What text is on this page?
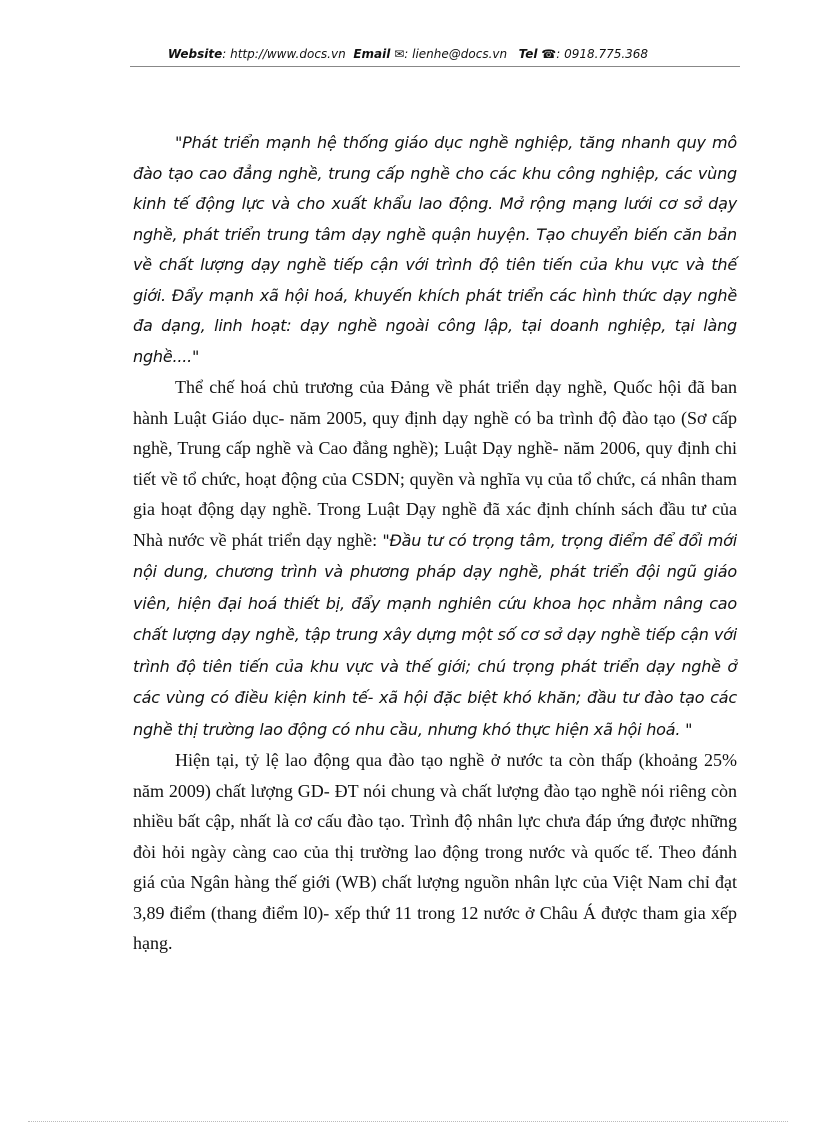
Website: http://www.docs.vn Email ✉: lienhe@docs.vn Tel ☎: 0918.775.368

"Phát triển mạnh hệ thống giáo dục nghề nghiệp, tăng nhanh quy mô đào tạo cao đẳng nghề, trung cấp nghề cho các khu công nghiệp, các vùng kinh tế động lực và cho xuất khẩu lao động. Mở rộng mạng lưới cơ sở dạy nghề, phát triển trung tâm dạy nghề quận huyện. Tạo chuyển biến căn bản về chất lượng dạy nghề tiếp cận với trình độ tiên tiến của khu vực và thế giới. Đẩy mạnh xã hội hoá, khuyến khích phát triển các hình thức dạy nghề đa dạng, linh hoạt: dạy nghề ngoài công lập, tại doanh nghiệp, tại làng nghề...."

Thể chế hoá chủ trương của Đảng về phát triển dạy nghề, Quốc hội đã ban hành Luật Giáo dục- năm 2005, quy định dạy nghề có ba trình độ đào tạo (Sơ cấp nghề, Trung cấp nghề và Cao đẳng nghề); Luật Dạy nghề- năm 2006, quy định chi tiết về tổ chức, hoạt động của CSDN; quyền và nghĩa vụ của tổ chức, cá nhân tham gia hoạt động dạy nghề. Trong Luật Dạy nghề đã xác định chính sách đầu tư của Nhà nước về phát triển dạy nghề: "Đầu tư có trọng tâm, trọng điểm để đổi mới nội dung, chương trình và phương pháp dạy nghề, phát triển đội ngũ giáo viên, hiện đại hoá thiết bị, đẩy mạnh nghiên cứu khoa học nhằm nâng cao chất lượng dạy nghề, tập trung xây dựng một số cơ sở dạy nghề tiếp cận với trình độ tiên tiến của khu vực và thế giới; chú trọng phát triển dạy nghề ở các vùng có điều kiện kinh tế- xã hội đặc biệt khó khăn; đầu tư đào tạo các nghề thị trường lao động có nhu cầu, nhưng khó thực hiện xã hội hoá. "

Hiện tại, tỷ lệ lao động qua đào tạo nghề ở nước ta còn thấp (khoảng 25% năm 2009) chất lượng GD- ĐT nói chung và chất lượng đào tạo nghề nói riêng còn nhiều bất cập, nhất là cơ cấu đào tạo. Trình độ nhân lực chưa đáp ứng được những đòi hỏi ngày càng cao của thị trường lao động trong nước và quốc tế. Theo đánh giá của Ngân hàng thế giới (WB) chất lượng nguồn nhân lực của Việt Nam chỉ đạt 3,89 điểm (thang điểm l0)- xếp thứ 11 trong 12 nước ở Châu Á được tham gia xếp hạng.
